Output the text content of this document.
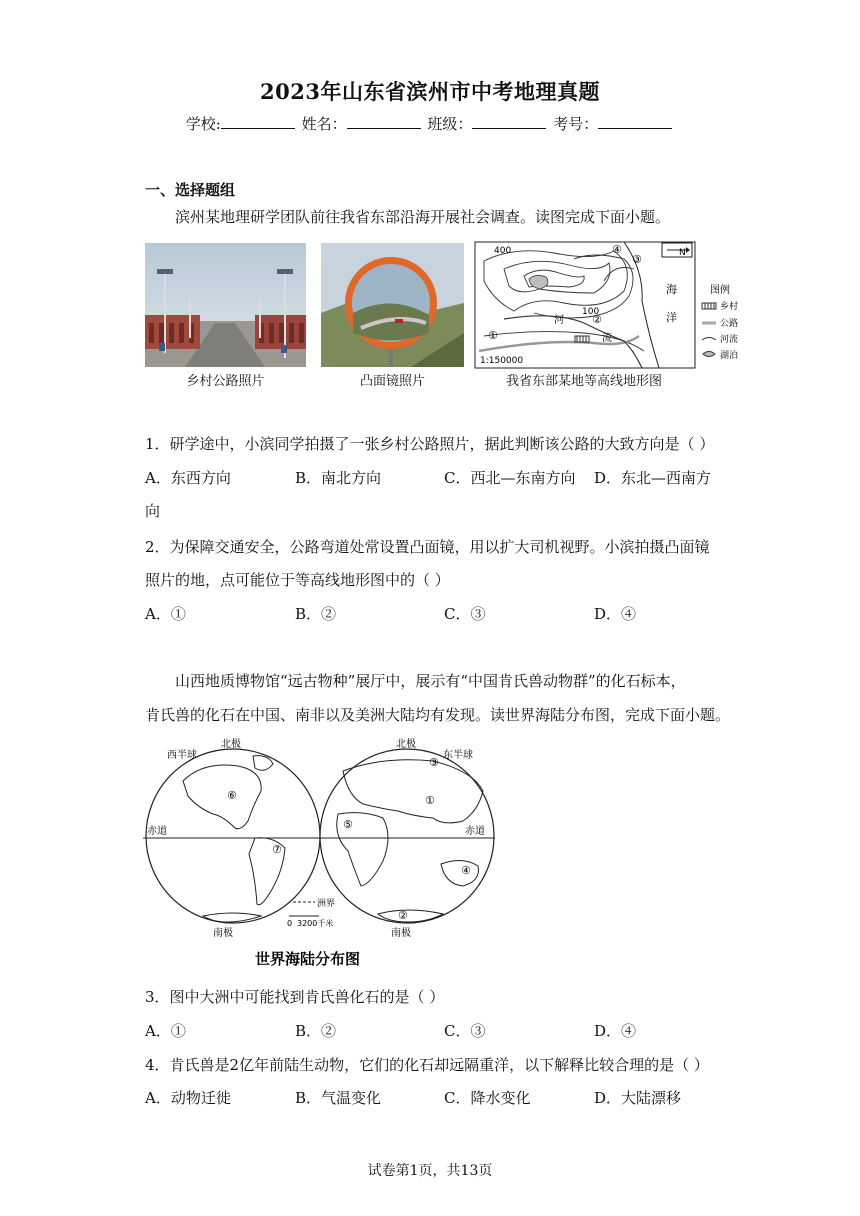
2023年山东省滨州市中考地理真题
学校:	姓名：	班级：	考号：
一、选择题组
滨州某地理研学团队前往我省东部沿海开展社会调查。读图完成下面小题。
乡村公路照片	凸面镜照片
400
100
河
流
海
洋
1:150000
①
②
③
④	N
图例
乡村
公路
河流
湖泊
我省东部某地等高线地形图
1．研学途中，小滨同学拍摄了一张乡村公路照片，据此判断该公路的大致方向是（ ）
A．东西方向	B．南北方向	C．西北—东南方向 D．东北—西南方
向
2．为保障交通安全，公路弯道处常设置凸面镜，用以扩大司机视野。小滨拍摄凸面镜
照片的地，点可能位于等高线地形图中的（ ）
A．①	B．②	C．③	D．④
山西地质博物馆“远古物种”展厅中，展示有“中国肯氏兽动物群”的化石标本，
肯氏兽的化石在中国、南非以及美洲大陆均有发现。读世界海陆分布图，完成下面小题。
西半球	东半球
北极	北极
南极	南极
赤道	赤道
①
②
③
④
⑤
⑥
⑦
洲界
0 3200千米
世界海陆分布图
3．图中大洲中可能找到肯氏兽化石的是（ ）
A．①	B．②	C．③	D．④
4．肯氏兽是2亿年前陆生动物，它们的化石却远隔重洋，以下解释比较合理的是（ ）
A．动物迁徙	B．气温变化	C．降水变化	D．大陆漂移
试卷第1页，共13页
